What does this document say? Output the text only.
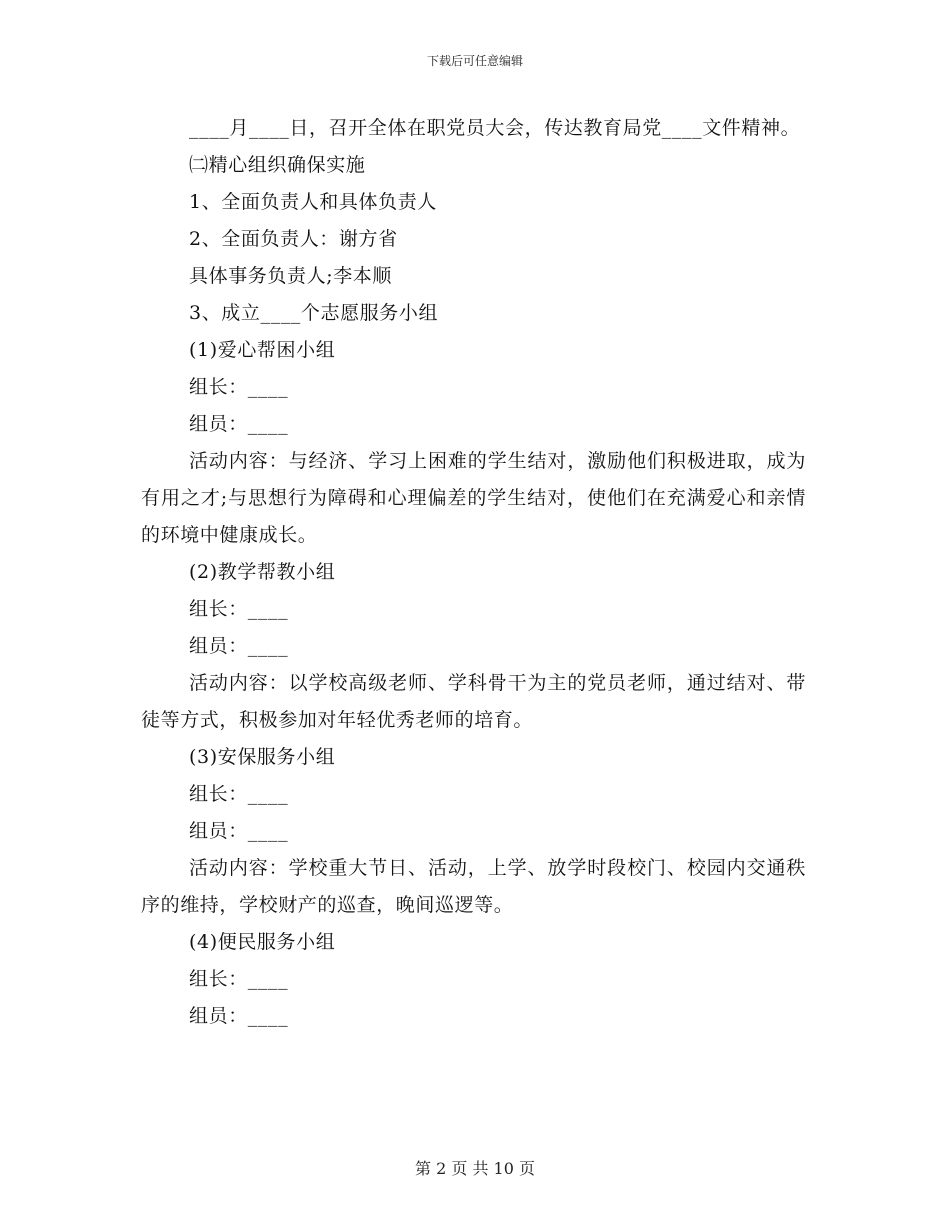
下载后可任意编辑

____月____日，召开全体在职党员大会，传达教育局党____文件精神。

㈡精心组织确保实施

1、全面负责人和具体负责人

2、全面负责人：谢方省

具体事务负责人;李本顺

3、成立____个志愿服务小组

(1)爱心帮困小组

组长：____

组员：____

活动内容：与经济、学习上困难的学生结对，激励他们积极进取，成为有用之才;与思想行为障碍和心理偏差的学生结对，使他们在充满爱心和亲情的环境中健康成长。

(2)教学帮教小组

组长：____

组员：____

活动内容：以学校高级老师、学科骨干为主的党员老师，通过结对、带徒等方式，积极参加对年轻优秀老师的培育。

(3)安保服务小组

组长：____

组员：____

活动内容：学校重大节日、活动，上学、放学时段校门、校园内交通秩序的维持，学校财产的巡查，晚间巡逻等。

(4)便民服务小组

组长：____

组员：____

第 2 页 共 10 页
